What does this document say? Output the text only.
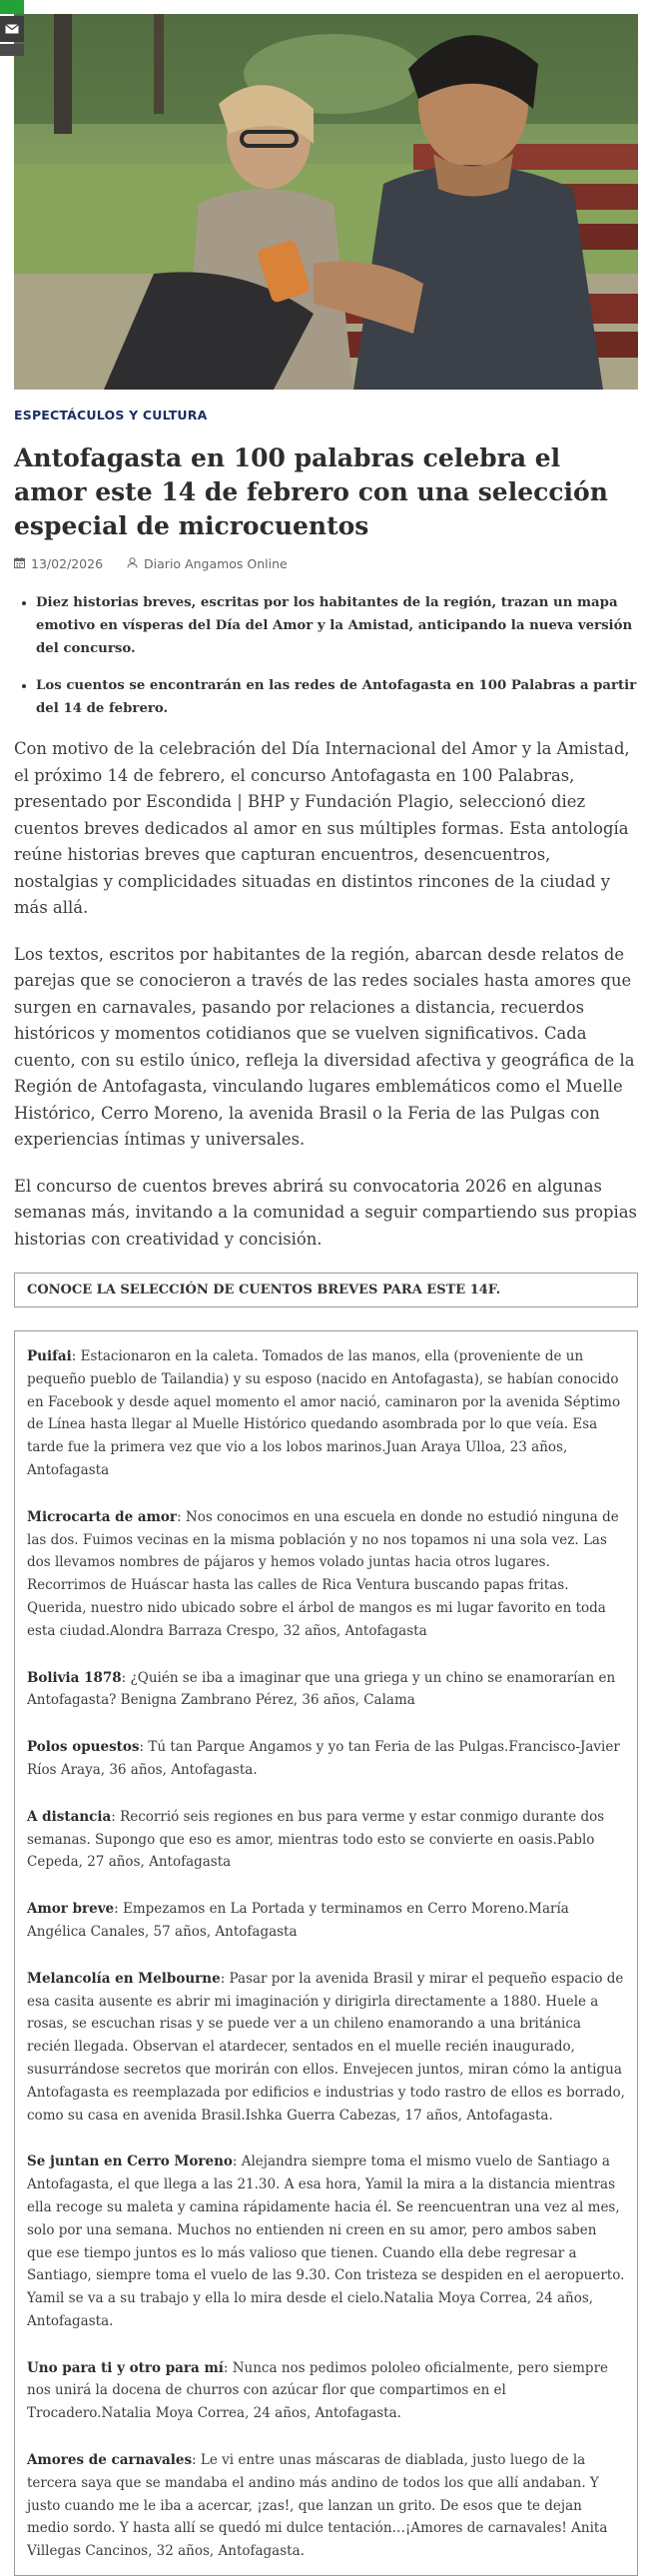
ESPECTÁCULOS Y CULTURA
Antofagasta en 100 palabras celebra el amor este 14 de febrero con una selección especial de microcuentos
13/02/2026	Diario Angamos Online
• Diez historias breves, escritas por los habitantes de la región, trazan un mapa emotivo en vísperas del Día del Amor y la Amistad, anticipando la nueva versión del concurso.
• Los cuentos se encontrarán en las redes de Antofagasta en 100 Palabras a partir del 14 de febrero.

Con motivo de la celebración del Día Internacional del Amor y la Amistad, el próximo 14 de febrero, el concurso Antofagasta en 100 Palabras, presentado por Escondida | BHP y Fundación Plagio, seleccionó diez cuentos breves dedicados al amor en sus múltiples formas. Esta antología reúne historias breves que capturan encuentros, desencuentros, nostalgias y complicidades situadas en distintos rincones de la ciudad y más allá.

Los textos, escritos por habitantes de la región, abarcan desde relatos de parejas que se conocieron a través de las redes sociales hasta amores que surgen en carnavales, pasando por relaciones a distancia, recuerdos históricos y momentos cotidianos que se vuelven significativos. Cada cuento, con su estilo único, refleja la diversidad afectiva y geográfica de la Región de Antofagasta, vinculando lugares emblemáticos como el Muelle Histórico, Cerro Moreno, la avenida Brasil o la Feria de las Pulgas con experiencias íntimas y universales.

El concurso de cuentos breves abrirá su convocatoria 2026 en algunas semanas más, invitando a la comunidad a seguir compartiendo sus propias historias con creatividad y concisión.

CONOCE LA SELECCIÓN DE CUENTOS BREVES PARA ESTE 14F.

Puifai: Estacionaron en la caleta. Tomados de las manos, ella (proveniente de un pequeño pueblo de Tailandia) y su esposo (nacido en Antofagasta), se habían conocido en Facebook y desde aquel momento el amor nació, caminaron por la avenida Séptimo de Línea hasta llegar al Muelle Histórico quedando asombrada por lo que veía. Esa tarde fue la primera vez que vio a los lobos marinos.Juan Araya Ulloa, 23 años, Antofagasta

Microcarta de amor: Nos conocimos en una escuela en donde no estudió ninguna de las dos. Fuimos vecinas en la misma población y no nos topamos ni una sola vez. Las dos llevamos nombres de pájaros y hemos volado juntas hacia otros lugares. Recorrimos de Huáscar hasta las calles de Rica Ventura buscando papas fritas. Querida, nuestro nido ubicado sobre el árbol de mangos es mi lugar favorito en toda esta ciudad.Alondra Barraza Crespo, 32 años, Antofagasta

Bolivia 1878: ¿Quién se iba a imaginar que una griega y un chino se enamorarían en Antofagasta? Benigna Zambrano Pérez, 36 años, Calama

Polos opuestos: Tú tan Parque Angamos y yo tan Feria de las Pulgas.Francisco-Javier Ríos Araya, 36 años, Antofagasta.

A distancia: Recorrió seis regiones en bus para verme y estar conmigo durante dos semanas. Supongo que eso es amor, mientras todo esto se convierte en oasis.Pablo Cepeda, 27 años, Antofagasta

Amor breve: Empezamos en La Portada y terminamos en Cerro Moreno.María Angélica Canales, 57 años, Antofagasta

Melancolía en Melbourne: Pasar por la avenida Brasil y mirar el pequeño espacio de esa casita ausente es abrir mi imaginación y dirigirla directamente a 1880. Huele a rosas, se escuchan risas y se puede ver a un chileno enamorando a una británica recién llegada. Observan el atardecer, sentados en el muelle recién inaugurado, susurrándose secretos que morirán con ellos. Envejecen juntos, miran cómo la antigua Antofagasta es reemplazada por edificios e industrias y todo rastro de ellos es borrado, como su casa en avenida Brasil.Ishka Guerra Cabezas, 17 años, Antofagasta.

Se juntan en Cerro Moreno: Alejandra siempre toma el mismo vuelo de Santiago a Antofagasta, el que llega a las 21.30. A esa hora, Yamil la mira a la distancia mientras ella recoge su maleta y camina rápidamente hacia él. Se reencuentran una vez al mes, solo por una semana. Muchos no entienden ni creen en su amor, pero ambos saben que ese tiempo juntos es lo más valioso que tienen. Cuando ella debe regresar a Santiago, siempre toma el vuelo de las 9.30. Con tristeza se despiden en el aeropuerto. Yamil se va a su trabajo y ella lo mira desde el cielo.Natalia Moya Correa, 24 años, Antofagasta.

Uno para ti y otro para mí: Nunca nos pedimos pololeo oficialmente, pero siempre nos unirá la docena de churros con azúcar flor que compartimos en el Trocadero.Natalia Moya Correa, 24 años, Antofagasta.

Amores de carnavales: Le vi entre unas máscaras de diablada, justo luego de la tercera saya que se mandaba el andino más andino de todos los que allí andaban. Y justo cuando me le iba a acercar, ¡zas!, que lanzan un grito. De esos que te dejan medio sordo. Y hasta allí se quedó mi dulce tentación…¡Amores de carnavales! Anita Villegas Cancinos, 32 años, Antofagasta.
